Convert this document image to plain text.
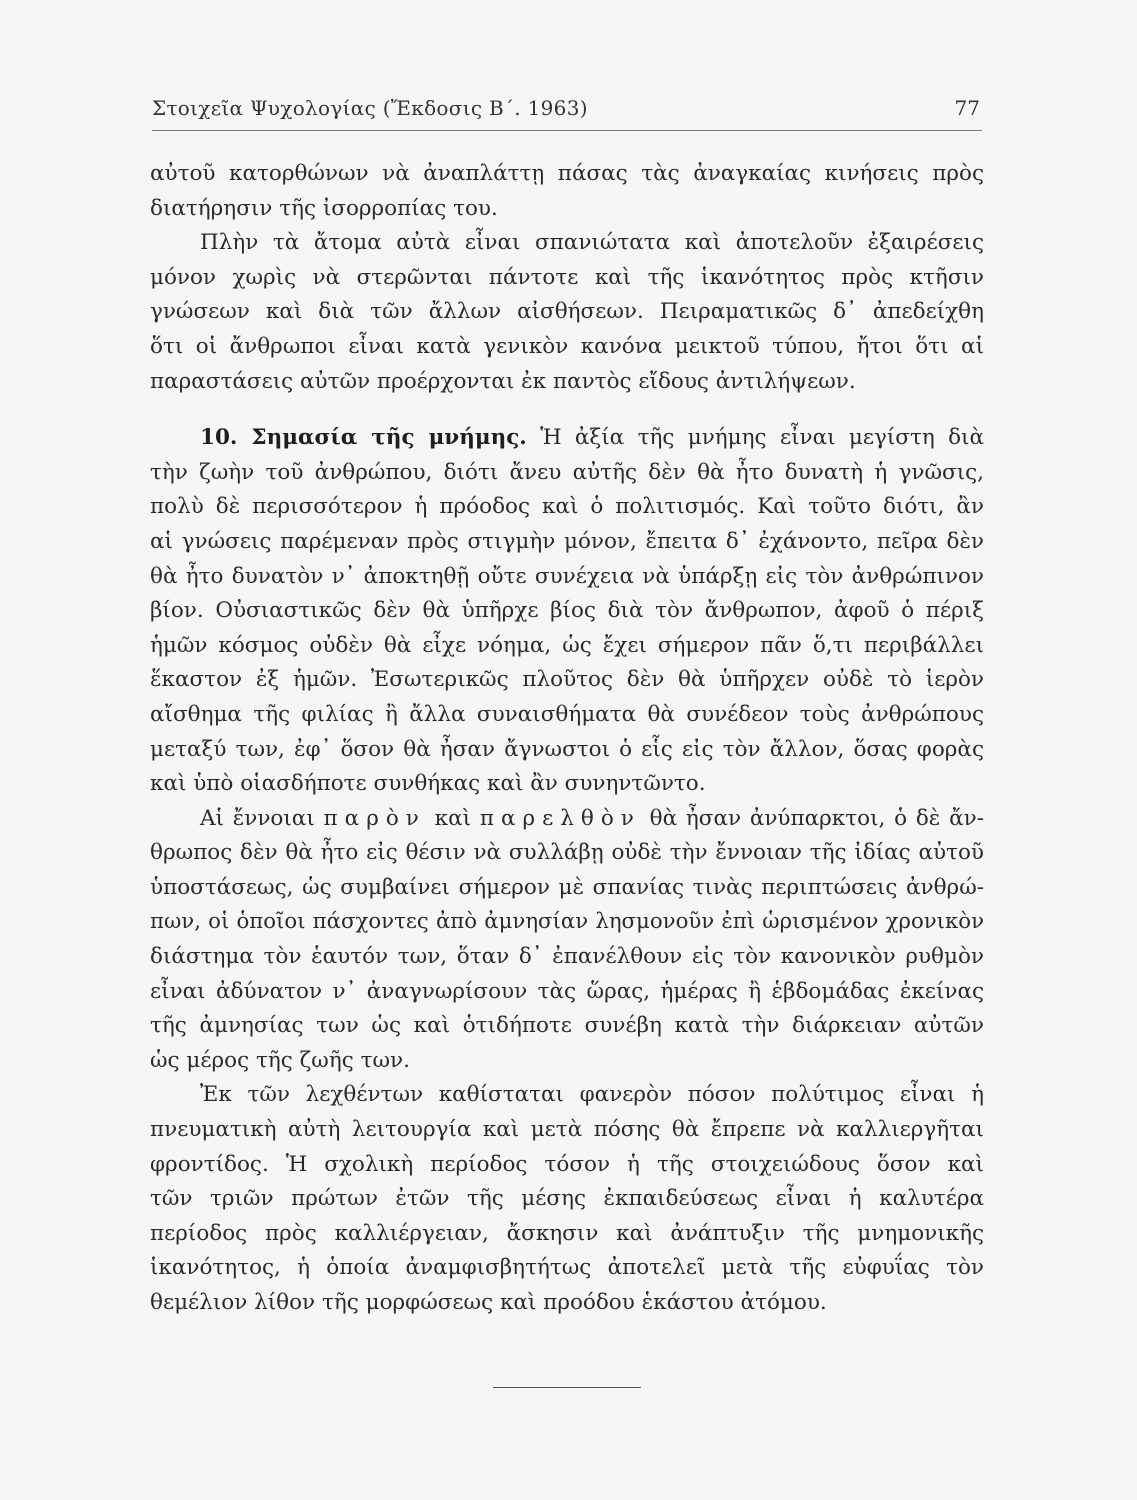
Στοιχεῖα Ψυχολογίας (Ἔκδοσις Β΄. 1963)	77
αὐτοῦ κατορθώνων νὰ ἀναπλάττῃ πάσας τὰς ἀναγκαίας κινήσεις πρὸς
διατήρησιν τῆς ἰσορροπίας του.
Πλὴν τὰ ἄτομα αὐτὰ εἶναι σπανιώτατα καὶ ἀποτελοῦν ἐξαιρέσεις
μόνον χωρὶς νὰ στερῶνται πάντοτε καὶ τῆς ἱκανότητος πρὸς κτῆσιν
γνώσεων καὶ διὰ τῶν ἄλλων αἰσθήσεων. Πειραματικῶς δ᾽ ἀπεδείχθη
ὅτι οἱ ἄνθρωποι εἶναι κατὰ γενικὸν κανόνα μεικτοῦ τύπου, ἤτοι ὅτι αἱ
παραστάσεις αὐτῶν προέρχονται ἐκ παντὸς εἴδους ἀντιλήψεων.
10. Σημασία τῆς μνήμης. Ἡ ἀξία τῆς μνήμης εἶναι μεγίστη διὰ
τὴν ζωὴν τοῦ ἀνθρώπου, διότι ἄνευ αὐτῆς δὲν θὰ ἦτο δυνατὴ ἡ γνῶσις,
πολὺ δὲ περισσότερον ἡ πρόοδος καὶ ὁ πολιτισμός. Καὶ τοῦτο διότι, ἂν
αἱ γνώσεις παρέμεναν πρὸς στιγμὴν μόνον, ἔπειτα δ᾽ ἐχάνοντο, πεῖρα δὲν
θὰ ἦτο δυνατὸν ν᾽ ἀποκτηθῇ οὔτε συνέχεια νὰ ὑπάρξῃ εἰς τὸν ἀνθρώπινον
βίον. Οὐσιαστικῶς δὲν θὰ ὑπῆρχε βίος διὰ τὸν ἄνθρωπον, ἀφοῦ ὁ πέριξ
ἡμῶν κόσμος οὐδὲν θὰ εἶχε νόημα, ὡς ἔχει σήμερον πᾶν ὅ,τι περιβάλλει
ἕκαστον ἐξ ἡμῶν. Ἐσωτερικῶς πλοῦτος δὲν θὰ ὑπῆρχεν οὐδὲ τὸ ἱερὸν
αἴσθημα τῆς φιλίας ἢ ἄλλα συναισθήματα θὰ συνέδεον τοὺς ἀνθρώπους
μεταξύ των, ἐφ᾽ ὅσον θὰ ἦσαν ἄγνωστοι ὁ εἷς εἰς τὸν ἄλλον, ὅσας φορὰς
καὶ ὑπὸ οἱασδήποτε συνθήκας καὶ ἂν συνηντῶντο.
Αἱ ἔννοιαι παρὸν καὶ παρελθὸν θὰ ἦσαν ἀνύπαρκτοι, ὁ δὲ ἄν-
θρωπος δὲν θὰ ἦτο εἰς θέσιν νὰ συλλάβῃ οὐδὲ τὴν ἔννοιαν τῆς ἰδίας αὐτοῦ
ὑποστάσεως, ὡς συμβαίνει σήμερον μὲ σπανίας τινὰς περιπτώσεις ἀνθρώ-
πων, οἱ ὁποῖοι πάσχοντες ἀπὸ ἀμνησίαν λησμονοῦν ἐπὶ ὡρισμένον χρονικὸν
διάστημα τὸν ἑαυτόν των, ὅταν δ᾽ ἐπανέλθουν εἰς τὸν κανονικὸν ρυθμὸν
εἶναι ἀδύνατον ν᾽ ἀναγνωρίσουν τὰς ὥρας, ἡμέρας ἢ ἑβδομάδας ἐκείνας
τῆς ἀμνησίας των ὡς καὶ ὁτιδήποτε συνέβη κατὰ τὴν διάρκειαν αὐτῶν
ὡς μέρος τῆς ζωῆς των.
Ἐκ τῶν λεχθέντων καθίσταται φανερὸν πόσον πολύτιμος εἶναι ἡ
πνευματικὴ αὐτὴ λειτουργία καὶ μετὰ πόσης θὰ ἔπρεπε νὰ καλλιεργῆται
φροντίδος. Ἡ σχολικὴ περίοδος τόσον ἡ τῆς στοιχειώδους ὅσον καὶ
τῶν τριῶν πρώτων ἐτῶν τῆς μέσης ἐκπαιδεύσεως εἶναι ἡ καλυτέρα
περίοδος πρὸς καλλιέργειαν, ἄσκησιν καὶ ἀνάπτυξιν τῆς μνημονικῆς
ἱκανότητος, ἡ ὁποία ἀναμφισβητήτως ἀποτελεῖ μετὰ τῆς εὐφυΐας τὸν
θεμέλιον λίθον τῆς μορφώσεως καὶ προόδου ἑκάστου ἀτόμου.
